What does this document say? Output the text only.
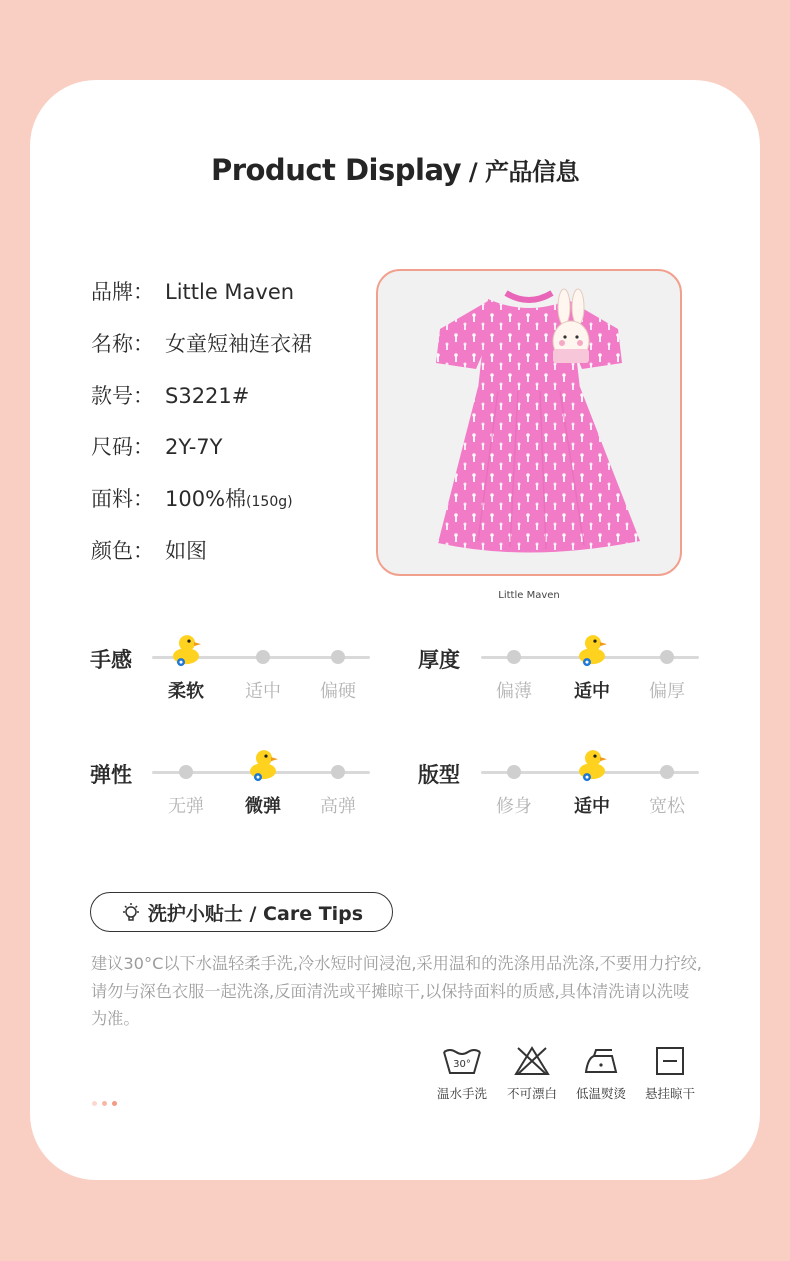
Product Display / 产品信息
品牌： Little Maven
名称： 女童短袖连衣裙
款号： S3221#
尺码： 2Y-7Y
面料： 100%棉(150g)
颜色： 如图
Little Maven
手感
柔软 适中 偏硬
厚度
偏薄 适中 偏厚
弹性
无弹 微弹 高弹
版型
修身 适中 宽松
洗护小贴士 / Care Tips
建议30°C以下水温轻柔手洗,冷水短时间浸泡,采用温和的洗涤用品洗涤,不要用力拧绞,请勿与深色衣服一起洗涤,反面清洗或平摊晾干,以保持面料的质感,具体清洗请以洗唛为准。
30°
温水手洗	不可漂白	低温熨烫	悬挂晾干
